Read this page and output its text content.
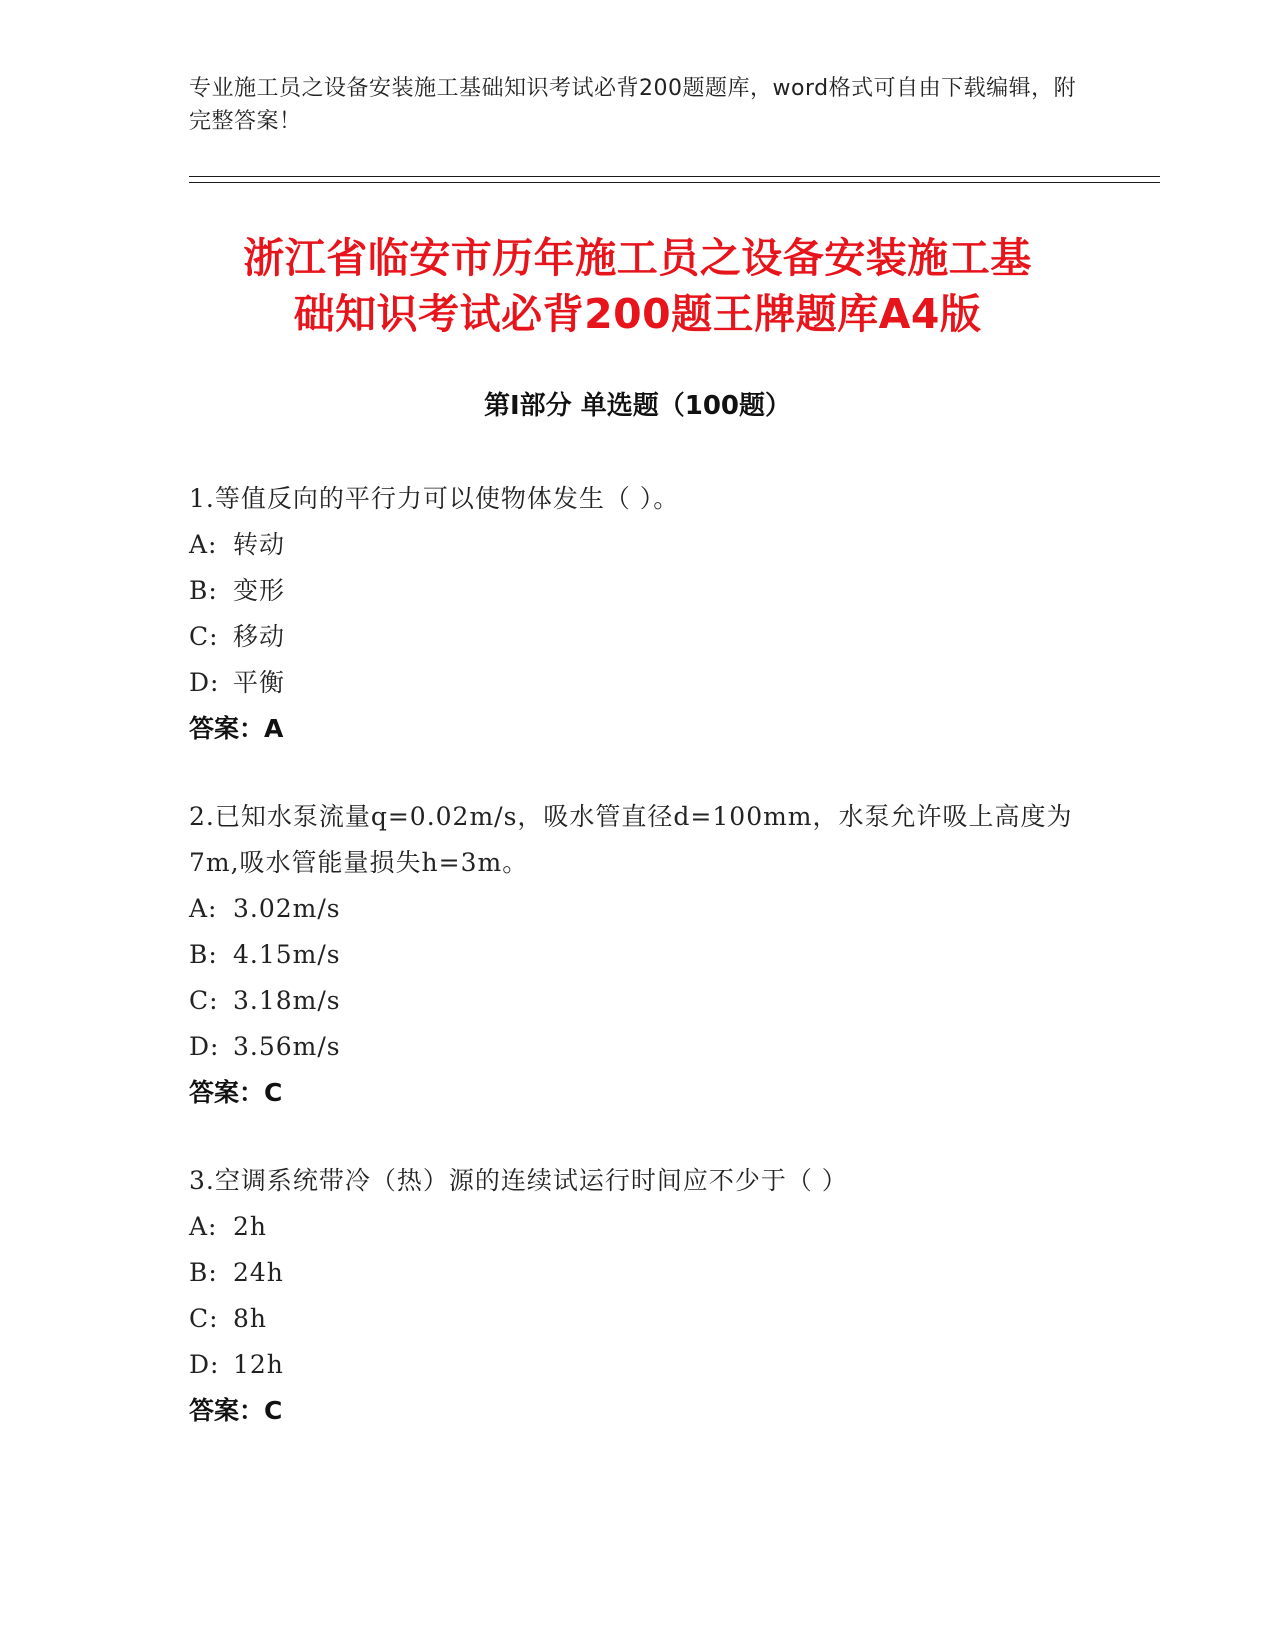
专业施工员之设备安装施工基础知识考试必背200题题库，word格式可自由下载编辑，附完整答案！
浙江省临安市历年施工员之设备安装施工基
础知识考试必背200题王牌题库A4版
第Ⅰ部分 单选题（100题）
1.等值反向的平行力可以使物体发生（ ）。
A: 转动
B: 变形
C: 移动
D: 平衡
答案：A
2.已知水泵流量q=0.02m/s，吸水管直径d=100mm，水泵允许吸上高度为7m,吸水管能量损失h=3m。
A: 3.02m/s
B: 4.15m/s
C: 3.18m/s
D: 3.56m/s
答案：C
3.空调系统带冷（热）源的连续试运行时间应不少于（ ）
A: 2h
B: 24h
C: 8h
D: 12h
答案：C
